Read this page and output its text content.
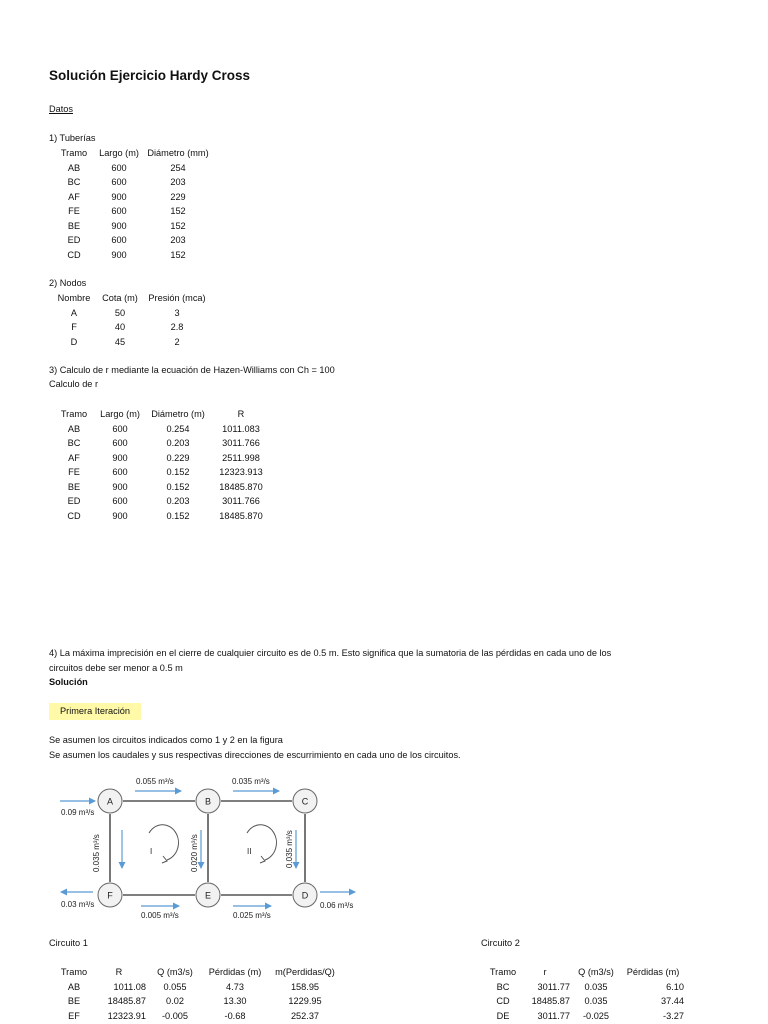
Solución Ejercicio Hardy Cross
Datos
1) Tuberías
Tramo	Largo (m)	Diámetro (mm)
AB	600	254
BC	600	203
AF	900	229
FE	600	152
BE	900	152
ED	600	203
CD	900	152
2) Nodos
Nombre	Cota (m)	Presión (mca)
A	50	3
F	40	2.8
D	45	2
3) Calculo de r mediante la ecuación de Hazen-Williams con Ch = 100
Calculo de r
Tramo	Largo (m)	Diámetro (m)	R
AB	600	0.254	1011.083
BC	600	0.203	3011.766
AF	900	0.229	2511.998
FE	600	0.152	12323.913
BE	900	0.152	18485.870
ED	600	0.203	3011.766
CD	900	0.152	18485.870
4) La máxima imprecisión en el cierre de cualquier circuito es de 0.5 m. Esto significa que la sumatoria de las pérdidas en cada uno de los
circuitos debe ser menor a 0.5 m
Solución
Primera Iteración
Se asumen los circuitos indicados como 1 y 2 en la figura
Se asumen los caudales y sus respectivas direcciones de escurrimiento en cada uno de los circuitos.
A	B	C
F	E	D
I	II
0.055 m³/s	0.035 m³/s
0.09 m³/s
0.03 m³/s
0.005 m³/s	0.025 m³/s
0.06 m³/s
0.035 m³/s	0.020 m³/s	0.035 m³/s
Circuito 1	Circuito 2
Tramo	R	Q (m3/s)	Pérdidas (m)	m(Perdidas/Q)
AB	1011.08	0.055	4.73	158.95
BE	18485.87	0.02	13.30	1229.95
EF	12323.91	-0.005	-0.68	252.37
Tramo	r	Q (m3/s)	Pérdidas (m)
BC	3011.77	0.035	6.10
CD	18485.87	0.035	37.44
DE	3011.77	-0.025	-3.27
